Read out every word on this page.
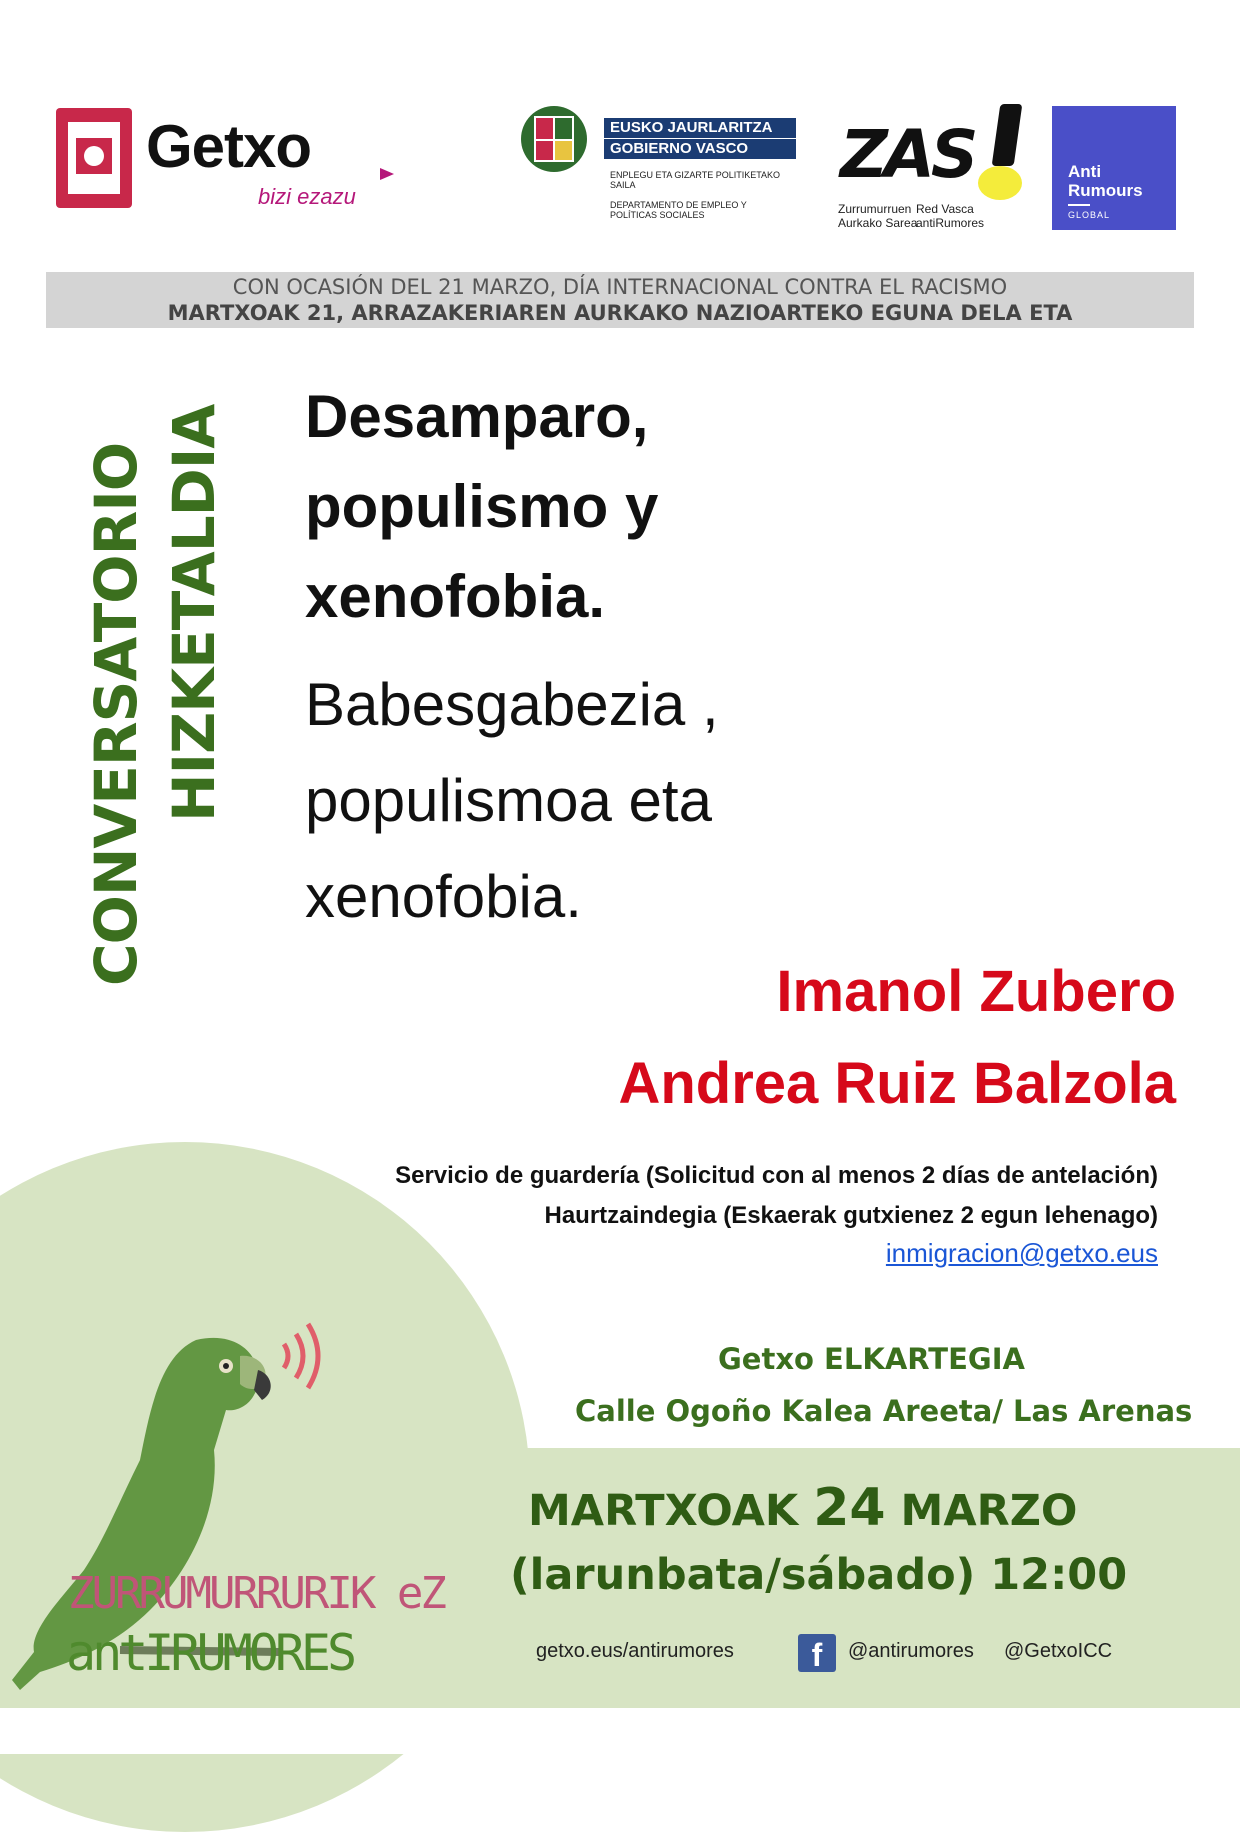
Getxo
bizi ezazu
EUSKO JAURLARITZA
GOBIERNO VASCO
ENPLEGU ETA GIZARTE POLITIKETAKO SAILA
DEPARTAMENTO DE EMPLEO Y POLÍTICAS SOCIALES
ZAS
Zurrumurruen
Aurkako Sarea
Red Vasca
antiRumores
Anti
Rumours
GLOBAL
CON OCASIÓN DEL 21 MARZO, DÍA INTERNACIONAL CONTRA EL RACISMO
MARTXOAK 21, ARRAZAKERIAREN AURKAKO NAZIOARTEKO EGUNA DELA ETA
CONVERSATORIO HIZKETALDIA Desamparo,
populismo y
xenofobia.
Babesgabezia ,
populismoa eta
xenofobia.
Imanol Zubero
Andrea Ruiz Balzola
Servicio de guardería (Solicitud con al menos 2 días de antelación)
Haurtzaindegia (Eskaerak gutxienez 2 egun lehenago)
inmigracion@getxo.eus
Getxo ELKARTEGIA
Calle Ogoño Kalea Areeta/ Las Arenas
MARTXOAK 24 MARZO
(larunbata/sábado) 12:00
ZURRUMURRURIK eZ
antIRUMORES	getxo.eus/antirumores	f	@antirumores @GetxoICC
